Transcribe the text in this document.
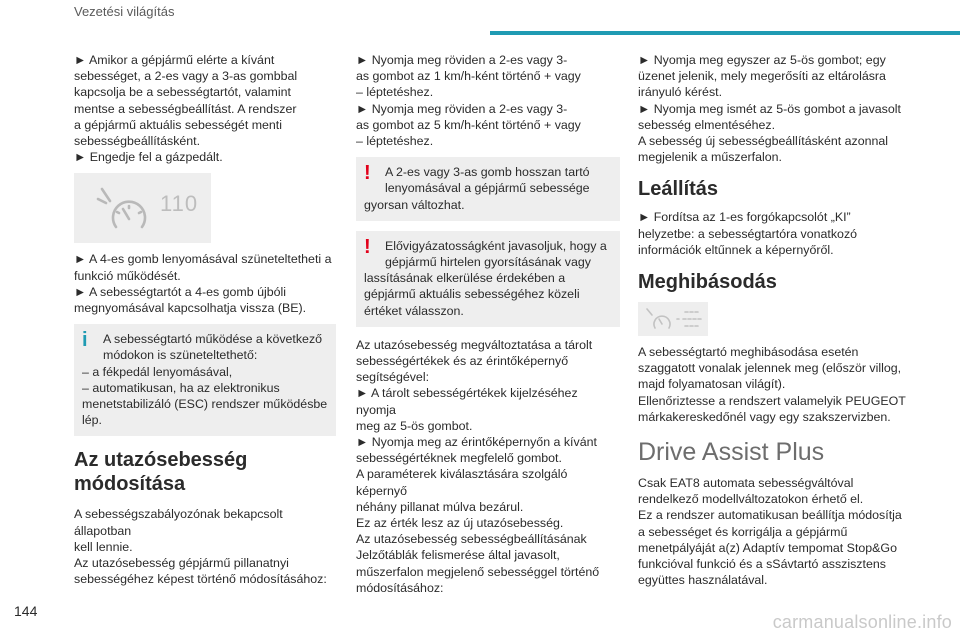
Vezetési világítás

► Amikor a gépjármű elérte a kívánt
sebességet, a 2-es vagy a 3-as gombbal
kapcsolja be a sebességtartót, valamint
mentse a sebességbeállítást. A rendszer
a gépjármű aktuális sebességét menti
sebességbeállításként.
► Engedje fel a gázpedált.

110

► A 4-es gomb lenyomásával szüneteltetheti a
funkció működését.
► A sebességtartót a 4-es gomb újbóli
megnyomásával kapcsolhatja vissza (BE).

i	A sebességtartó működése a következő
módokon is szüneteltethető:
– a fékpedál lenyomásával,
– automatikusan, ha az elektronikus
menetstabilizáló (ESC) rendszer működésbe
lép.
Az utazósebesség
módosítása

A sebességszabályozónak bekapcsolt állapotban
kell lennie.
Az utazósebesség gépjármű pillanatnyi
sebességéhez képest történő módosításához:

► Nyomja meg röviden a 2-es vagy 3-
as gombot az 1 km/h-ként történő + vagy
– léptetéshez.
► Nyomja meg röviden a 2-es vagy 3-
as gombot az 5 km/h-ként történő + vagy
– léptetéshez.

!	A 2-es vagy 3-as gomb hosszan tartó
lenyomásával a gépjármű sebessége
gyorsan változhat.
!	Elővigyázatosságként javasoljuk, hogy a
gépjármű hirtelen gyorsításának vagy
lassításának elkerülése érdekében a
gépjármű aktuális sebességéhez közeli
értéket válasszon.

Az utazósebesség megváltoztatása a tárolt
sebességértékek és az érintőképernyő
segítségével:
► A tárolt sebességértékek kijelzéséhez nyomja
meg az 5-ös gombot.
► Nyomja meg az érintőképernyőn a kívánt
sebességértéknek megfelelő gombot.
A paraméterek kiválasztására szolgáló képernyő
néhány pillanat múlva bezárul.
Ez az érték lesz az új utazósebesség.
Az utazósebesség sebességbeállításának
Jelzőtáblák felismerése által javasolt,
műszerfalon megjelenő sebességgel történő
módosításához:

► Nyomja meg egyszer az 5-ös gombot; egy
üzenet jelenik, mely megerősíti az eltárolásra
irányuló kérést.
► Nyomja meg ismét az 5-ös gombot a javasolt
sebesség elmentéséhez.
A sebesség új sebességbeállításként azonnal
megjelenik a műszerfalon.

Leállítás

► Fordítsa az 1-es forgókapcsolót „KI”
helyzetbe: a sebességtartóra vonatkozó
információk eltűnnek a képernyőről.

Meghibásodás

A sebességtartó meghibásodása esetén
szaggatott vonalak jelennek meg (először villog,
majd folyamatosan világít).
Ellenőriztesse a rendszert valamelyik PEUGEOT
márkakereskedőnél vagy egy szakszervizben.

Drive Assist Plus

Csak EAT8 automata sebességváltóval
rendelkező modellváltozatokon érhető el.
Ez a rendszer automatikusan beállítja módosítja
a sebességet és korrigálja a gépjármű
menetpályáját a(z) Adaptív tempomat Stop&Go
funkcióval funkció és a sSávtartó asszisztens
együttes használatával.

144
carmanualsonline.info
